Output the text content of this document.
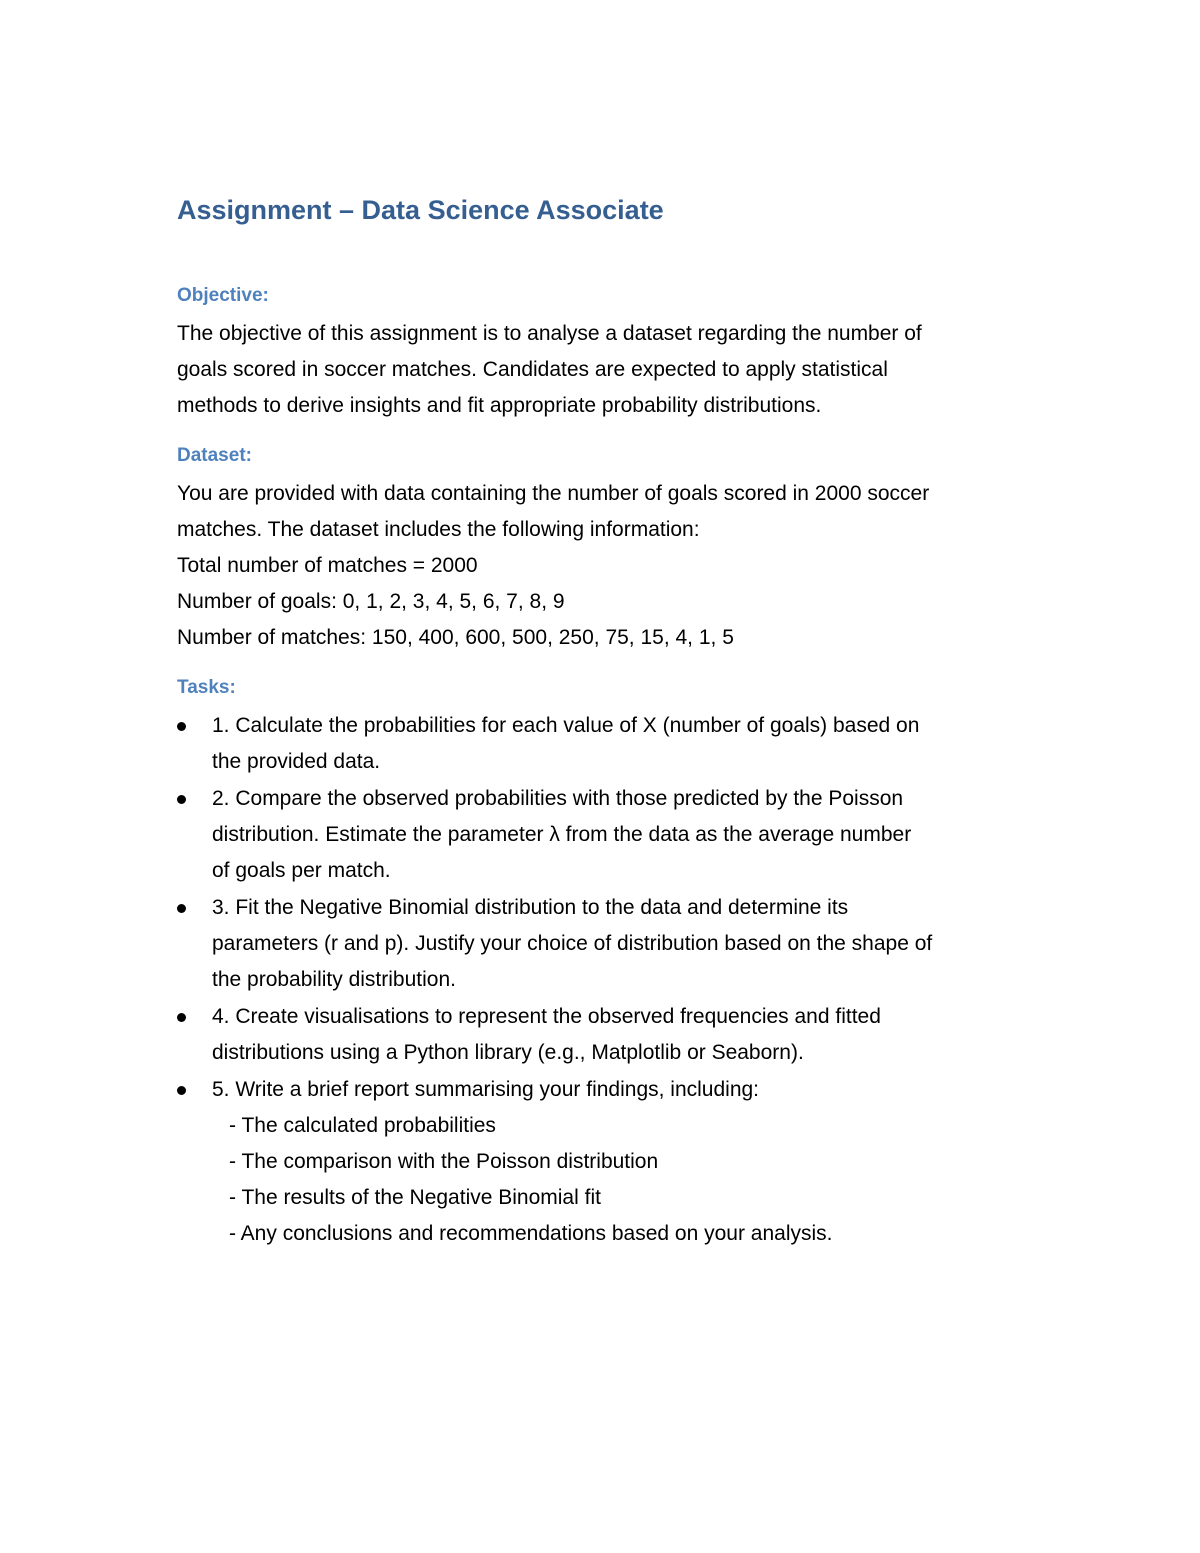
Assignment – Data Science Associate
Objective:

The objective of this assignment is to analyse a dataset regarding the number of
goals scored in soccer matches. Candidates are expected to apply statistical
methods to derive insights and fit appropriate probability distributions.

Dataset:

You are provided with data containing the number of goals scored in 2000 soccer
matches. The dataset includes the following information:
Total number of matches = 2000
Number of goals: 0, 1, 2, 3, 4, 5, 6, 7, 8, 9
Number of matches: 150, 400, 600, 500, 250, 75, 15, 4, 1, 5

Tasks:
1. Calculate the probabilities for each value of X (number of goals) based on
the provided data.
2. Compare the observed probabilities with those predicted by the Poisson
distribution. Estimate the parameter λ from the data as the average number
of goals per match.
3. Fit the Negative Binomial distribution to the data and determine its
parameters (r and p). Justify your choice of distribution based on the shape of
the probability distribution.
4. Create visualisations to represent the observed frequencies and fitted
distributions using a Python library (e.g., Matplotlib or Seaborn).
5. Write a brief report summarising your findings, including:
- The calculated probabilities
- The comparison with the Poisson distribution
- The results of the Negative Binomial fit
- Any conclusions and recommendations based on your analysis.
